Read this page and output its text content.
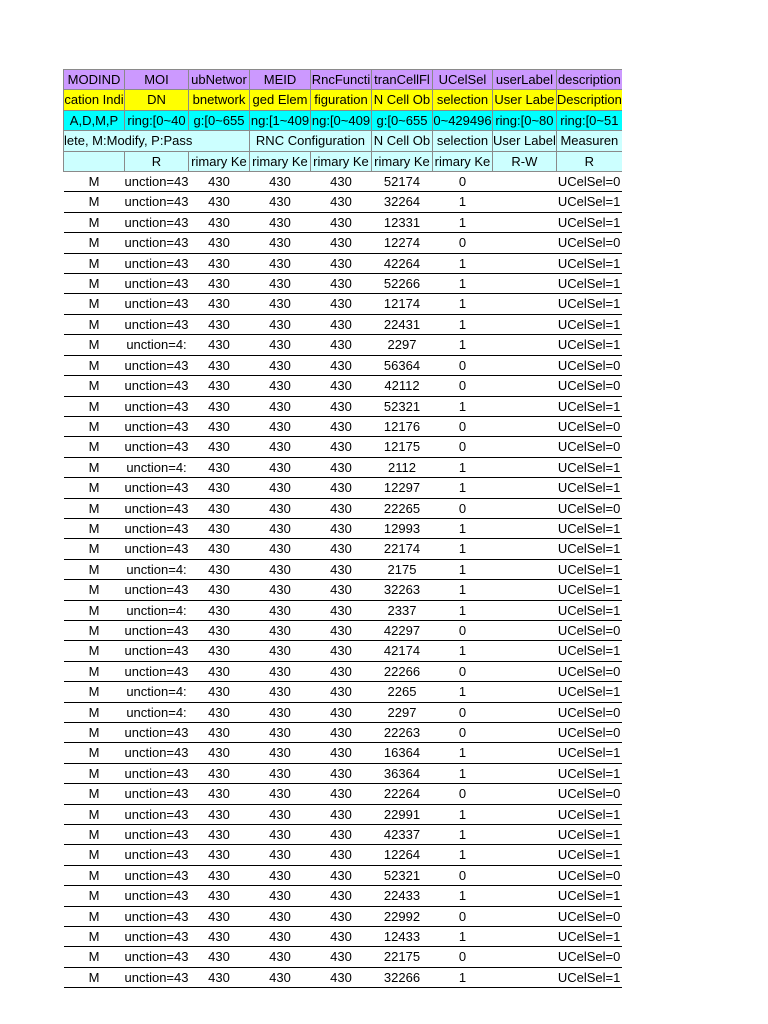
MODIND	MOI	ubNetwor	MEID	RncFuncti	tranCellFl	UCelSel	userLabel	description
cation Indi	DN	bnetwork	ged Elem	figuration	N Cell Ob	selection	User Labe	Description
A,D,M,P	ring:[0~40	g:[0~655	ng:[1~409	ng:[0~409	g:[0~655	0~429496	ring:[0~80	ring:[0~51
lete, M:Modify, P:Pass			RNC Configuration		N Cell Ob	selection	User Label	Measuren
	R	rimary Ke	rimary Ke	rimary Ke	rimary Ke	rimary Ke	R-W	R
M	unction=43	430	430	430	52174	0		UCelSel=0
M	unction=43	430	430	430	32264	1		UCelSel=1
M	unction=43	430	430	430	12331	1		UCelSel=1
M	unction=43	430	430	430	12274	0		UCelSel=0
M	unction=43	430	430	430	42264	1		UCelSel=1
M	unction=43	430	430	430	52266	1		UCelSel=1
M	unction=43	430	430	430	12174	1		UCelSel=1
M	unction=43	430	430	430	22431	1		UCelSel=1
M	unction=4:	430	430	430	2297	1		UCelSel=1
M	unction=43	430	430	430	56364	0		UCelSel=0
M	unction=43	430	430	430	42112	0		UCelSel=0
M	unction=43	430	430	430	52321	1		UCelSel=1
M	unction=43	430	430	430	12176	0		UCelSel=0
M	unction=43	430	430	430	12175	0		UCelSel=0
M	unction=4:	430	430	430	2112	1		UCelSel=1
M	unction=43	430	430	430	12297	1		UCelSel=1
M	unction=43	430	430	430	22265	0		UCelSel=0
M	unction=43	430	430	430	12993	1		UCelSel=1
M	unction=43	430	430	430	22174	1		UCelSel=1
M	unction=4:	430	430	430	2175	1		UCelSel=1
M	unction=43	430	430	430	32263	1		UCelSel=1
M	unction=4:	430	430	430	2337	1		UCelSel=1
M	unction=43	430	430	430	42297	0		UCelSel=0
M	unction=43	430	430	430	42174	1		UCelSel=1
M	unction=43	430	430	430	22266	0		UCelSel=0
M	unction=4:	430	430	430	2265	1		UCelSel=1
M	unction=4:	430	430	430	2297	0		UCelSel=0
M	unction=43	430	430	430	22263	0		UCelSel=0
M	unction=43	430	430	430	16364	1		UCelSel=1
M	unction=43	430	430	430	36364	1		UCelSel=1
M	unction=43	430	430	430	22264	0		UCelSel=0
M	unction=43	430	430	430	22991	1		UCelSel=1
M	unction=43	430	430	430	42337	1		UCelSel=1
M	unction=43	430	430	430	12264	1		UCelSel=1
M	unction=43	430	430	430	52321	0		UCelSel=0
M	unction=43	430	430	430	22433	1		UCelSel=1
M	unction=43	430	430	430	22992	0		UCelSel=0
M	unction=43	430	430	430	12433	1		UCelSel=1
M	unction=43	430	430	430	22175	0		UCelSel=0
M	unction=43	430	430	430	32266	1		UCelSel=1
